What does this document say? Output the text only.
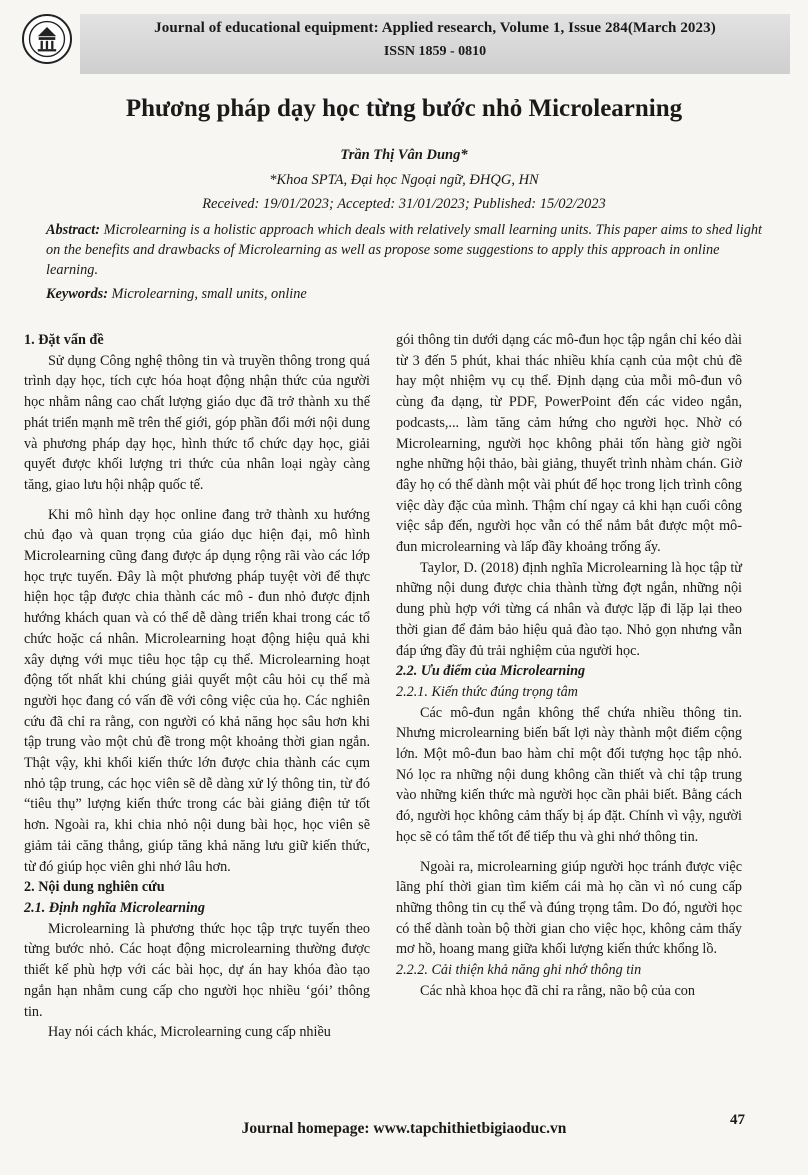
Journal of educational equipment: Applied research, Volume 1, Issue 284(March 2023)
ISSN 1859 - 0810
Phương pháp dạy học từng bước nhỏ Microlearning
Trần Thị Vân Dung*
*Khoa SPTA, Đại học Ngoại ngữ, ĐHQG, HN
Received: 19/01/2023; Accepted: 31/01/2023; Published: 15/02/2023
Abstract: Microlearning is a holistic approach which deals with relatively small learning units. This paper aims to shed light on the benefits and drawbacks of Microlearning as well as propose some suggestions to apply this approach in online learning.
Keywords: Microlearning, small units, online
1. Đặt vấn đề

Sử dụng Công nghệ thông tin và truyền thông trong quá trình dạy học, tích cực hóa hoạt động nhận thức của người học nhằm nâng cao chất lượng giáo dục đã trở thành xu thế phát triển mạnh mẽ trên thế giới, góp phần đổi mới nội dung và phương pháp dạy học, hình thức tổ chức dạy học, giải quyết được khối lượng tri thức của nhân loại ngày càng tăng, giao lưu hội nhập quốc tế.

Khi mô hình dạy học online đang trở thành xu hướng chủ đạo và quan trọng của giáo dục hiện đại, mô hình Microlearning cũng đang được áp dụng rộng rãi vào các lớp học trực tuyến. Đây là một phương pháp tuyệt vời để thực hiện học tập được chia thành các mô - đun nhỏ được định hướng khách quan và có thể dễ dàng triển khai trong các tổ chức hoặc cá nhân. Microlearning hoạt động hiệu quả khi xây dựng với mục tiêu học tập cụ thể. Microlearning hoạt động tốt nhất khi chúng giải quyết một câu hỏi cụ thể mà người học đang có vấn đề với công việc của họ. Các nghiên cứu đã chỉ ra rằng, con người có khả năng học sâu hơn khi tập trung vào một chủ đề trong một khoảng thời gian ngắn. Thật vậy, khi khối kiến thức lớn được chia thành các cụm nhỏ tập trung, các học viên sẽ dễ dàng xử lý thông tin, từ đó “tiêu thụ” lượng kiến thức trong các bài giảng điện tử tốt hơn. Ngoài ra, khi chia nhỏ nội dung bài học, học viên sẽ giảm tải căng thẳng, giúp tăng khả năng lưu giữ kiến thức, từ đó giúp học viên ghi nhớ lâu hơn.

2. Nội dung nghiên cứu
2.1. Định nghĩa Microlearning

Microlearning là phương thức học tập trực tuyến theo từng bước nhỏ. Các hoạt động microlearning thường được thiết kế phù hợp với các bài học, dự án hay khóa đào tạo ngắn hạn nhằm cung cấp cho người học nhiều ‘gói’ thông tin.

Hay nói cách khác, Microlearning cung cấp nhiều

gói thông tin dưới dạng các mô-đun học tập ngắn chỉ kéo dài từ 3 đến 5 phút, khai thác nhiều khía cạnh của một chủ đề hay một nhiệm vụ cụ thể. Định dạng của mỗi mô-đun vô cùng đa dạng, từ PDF, PowerPoint đến các video ngắn, podcasts,... làm tăng cảm hứng cho người học. Nhờ có Microlearning, người học không phải tốn hàng giờ ngồi nghe những hội thảo, bài giảng, thuyết trình nhàm chán. Giờ đây họ có thể dành một vài phút để học trong lịch trình công việc dày đặc của mình. Thậm chí ngay cả khi hạn cuối công việc sắp đến, người học vẫn có thể nắm bắt được một mô-đun microlearning và lấp đầy khoảng trống ấy.

Taylor, D. (2018) định nghĩa Microlearning là học tập từ những nội dung được chia thành từng đợt ngắn, những nội dung phù hợp với từng cá nhân và được lặp đi lặp lại theo thời gian để đảm bảo hiệu quả đào tạo. Nhỏ gọn nhưng vẫn đáp ứng đầy đủ trải nghiệm của người học.

2.2. Ưu điểm của Microlearning
2.2.1. Kiến thức đúng trọng tâm

Các mô-đun ngắn không thể chứa nhiều thông tin. Nhưng microlearning biến bất lợi này thành một điểm cộng lớn. Một mô-đun bao hàm chỉ một đối tượng học tập nhỏ. Nó lọc ra những nội dung không cần thiết và chỉ tập trung vào những kiến thức mà người học cần phải biết. Bằng cách đó, người học không cảm thấy bị áp đặt. Chính vì vậy, người học sẽ có tâm thế tốt để tiếp thu và ghi nhớ thông tin.

Ngoài ra, microlearning giúp người học tránh được việc lãng phí thời gian tìm kiếm cái mà họ cần vì nó cung cấp những thông tin cụ thể và đúng trọng tâm. Do đó, người học có thể dành toàn bộ thời gian cho việc học, không cảm thấy mơ hồ, hoang mang giữa khối lượng kiến thức khổng lồ.

2.2.2. Cải thiện khả năng ghi nhớ thông tin

Các nhà khoa học đã chỉ ra rằng, não bộ của con

Journal homepage: www.tapchithietbigiaoduc.vn	47
